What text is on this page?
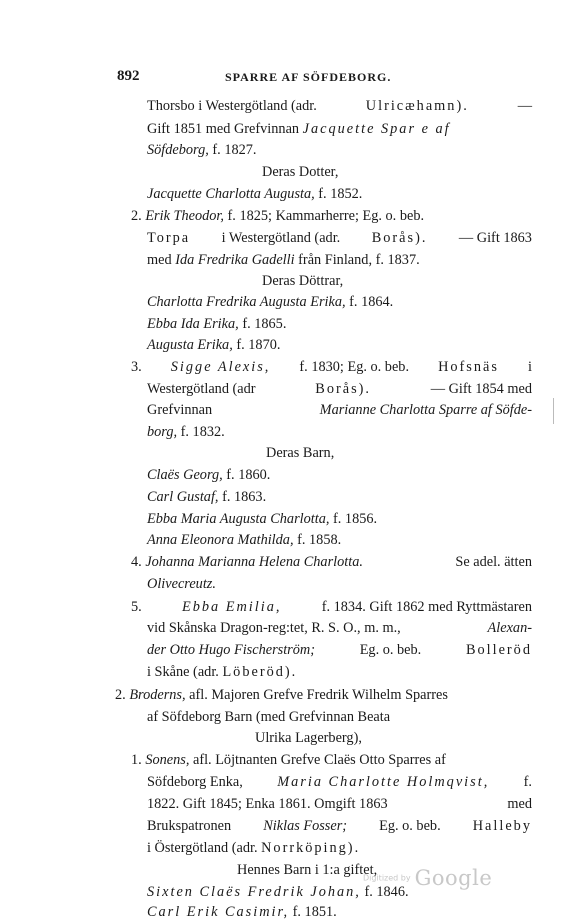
892	SPARRE AF SÖFDEBORG.
Thorsbo i Westergötland (adr.	Ulricæhamn).	—
Gift 1851 med Grefvinnan Jacquette Spar e af
Söfdeborg, f. 1827.
Deras Dotter,
Jacquette Charlotta Augusta, f. 1852.
2. Erik Theodor, f. 1825; Kammarherre; Eg. o. beb.
Torpa i Westergötland (adr. Borås). — Gift 1863
med Ida Fredrika Gadelli från Finland, f. 1837.
Deras Döttrar,
Charlotta Fredrika Augusta Erika, f. 1864.
Ebba Ida Erika, f. 1865.
Augusta Erika, f. 1870.
3. Sigge Alexis, f. 1830; Eg. o. beb. Hofsnäs i
Westergötland (adr	Borås).	— Gift 1854 med
Grefvinnan	Marianne Charlotta Sparre af Söfde-
borg, f. 1832.
Deras Barn,
Claës Georg, f. 1860.
Carl Gustaf, f. 1863.
Ebba Maria Augusta Charlotta, f. 1856.
Anna Eleonora Mathilda, f. 1858.
4. Johanna Marianna Helena Charlotta.	Se adel. ätten
Olivecreutz.
5.	Ebba Emilia,	f. 1834. Gift 1862 med Ryttmästaren
vid Skånska Dragon-reg:tet, R. S. O., m. m.,	Alexan-
der Otto Hugo Fischerström;	Eg. o. beb.	Bolleröd
i Skåne (adr. Löberöd).
2. Broderns, afl. Majoren Grefve Fredrik Wilhelm Sparres
af Söfdeborg Barn (med Grefvinnan Beata
Ulrika Lagerberg),
1. Sonens, afl. Löjtnanten Grefve Claës Otto Sparres af
Söfdeborg Enka, Maria Charlotte Holmqvist, f.
1822. Gift 1845; Enka 1861. Omgift 1863	med
Brukspatronen Niklas Fosser; Eg. o. beb. Halleby
i Östergötland (adr. Norrköping).
Hennes Barn i 1:a giftet,
Sixten Claës Fredrik Johan, f. 1846.
Carl Erik Casimir, f. 1851.
Digitized by Google
